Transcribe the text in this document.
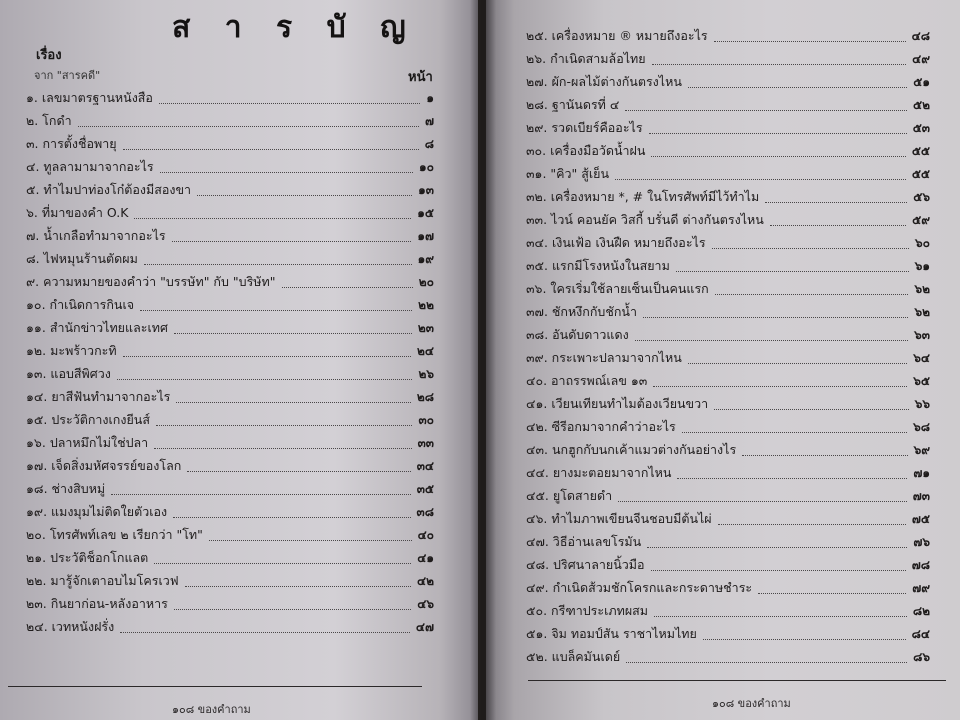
ส า ร บั ญ
เรื่อง
จาก "สารคดี"	หน้า
๑. เลขมาตรฐานหนังสือ	๑
๒. โกดำ	๗
๓. การตั้งชื่อพายุ	๘
๔. ทูลลามามาจากอะไร	๑๐
๕. ทำไมปาท่องโก๋ต้องมีสองขา	๑๓
๖. ที่มาของคำ O.K	๑๕
๗. น้ำเกลือทำมาจากอะไร	๑๗
๘. ไฟหมุนร้านตัดผม	๑๙
๙. ความหมายของคำว่า "บรรษัท" กับ "บริษัท"	๒๐
๑๐. กำเนิดการกินเจ	๒๒
๑๑. สำนักข่าวไทยและเทศ	๒๓
๑๒. มะพร้าวกะทิ	๒๔
๑๓. แอบสีพิศวง	๒๖
๑๔. ยาสีฟันทำมาจากอะไร	๒๘
๑๕. ประวัติกางเกงยีนส์	๓๐
๑๖. ปลาหมึกไม่ใช่ปลา	๓๓
๑๗. เจ็ดสิ่งมหัศจรรย์ของโลก	๓๔
๑๘. ช่างสิบหมู่	๓๕
๑๙. แมงมุมไม่ติดใยตัวเอง	๓๘
๒๐. โทรศัพท์เลข ๒ เรียกว่า "โท"	๔๐
๒๑. ประวัติช็อกโกแลต	๔๑
๒๒. มารู้จักเตาอบไมโครเวฟ	๔๒
๒๓. กินยาก่อน-หลังอาหาร	๔๖
๒๔. เวทหนังฝรั่ง	๔๗
๑๐๘ ของคำถาม
๒๕. เครื่องหมาย ® หมายถึงอะไร	๔๘
๒๖. กำเนิดสามล้อไทย	๔๙
๒๗. ผัก-ผลไม้ต่างกันตรงไหน	๕๑
๒๘. ฐานันดรที่ ๔	๕๒
๒๙. รวดเบียร์คืออะไร	๕๓
๓๐. เครื่องมือวัดน้ำฝน	๕๕
๓๑. "คิว" สู้เย็น	๕๕
๓๒. เครื่องหมาย *, # ในโทรศัพท์มีไว้ทำไม	๕๖
๓๓. ไวน์ คอนยัค วิสกี้ บรั่นดี ต่างกันตรงไหน	๕๙
๓๔. เงินเฟ้อ เงินฝืด หมายถึงอะไร	๖๐
๓๕. แรกมีโรงหนังในสยาม	๖๑
๓๖. ใครเริ่มใช้ลายเซ็นเป็นคนแรก	๖๒
๓๗. ชักหงึกกับชักน้ำ	๖๒
๓๘. อันดับดาวแดง	๖๓
๓๙. กระเพาะปลามาจากไหน	๖๔
๔๐. อาถรรพณ์เลข ๑๓	๖๕
๔๑. เวียนเทียนทำไมต้องเวียนขวา	๖๖
๔๒. ซีรีอกมาจากคำว่าอะไร	๖๘
๔๓. นกฮูกกับนกเค้าแมวต่างกันอย่างไร	๖๙
๔๔. ยางมะตอยมาจากไหน	๗๑
๔๕. ยูโดสายดำ	๗๓
๔๖. ทำไมภาพเขียนจีนชอบมีต้นไผ่	๗๕
๔๗. วิธีอ่านเลขโรมัน	๗๖
๔๘. ปริศนาลายนิ้วมือ	๗๘
๔๙. กำเนิดส้วมชักโครกและกระดาษชำระ	๗๙
๕๐. กรีฑาประเภทผสม	๘๒
๕๑. จิม ทอมป์สัน ราชาไหมไทย	๘๔
๕๒. แบล็คมันเดย์	๘๖
๑๐๘ ของคำถาม
